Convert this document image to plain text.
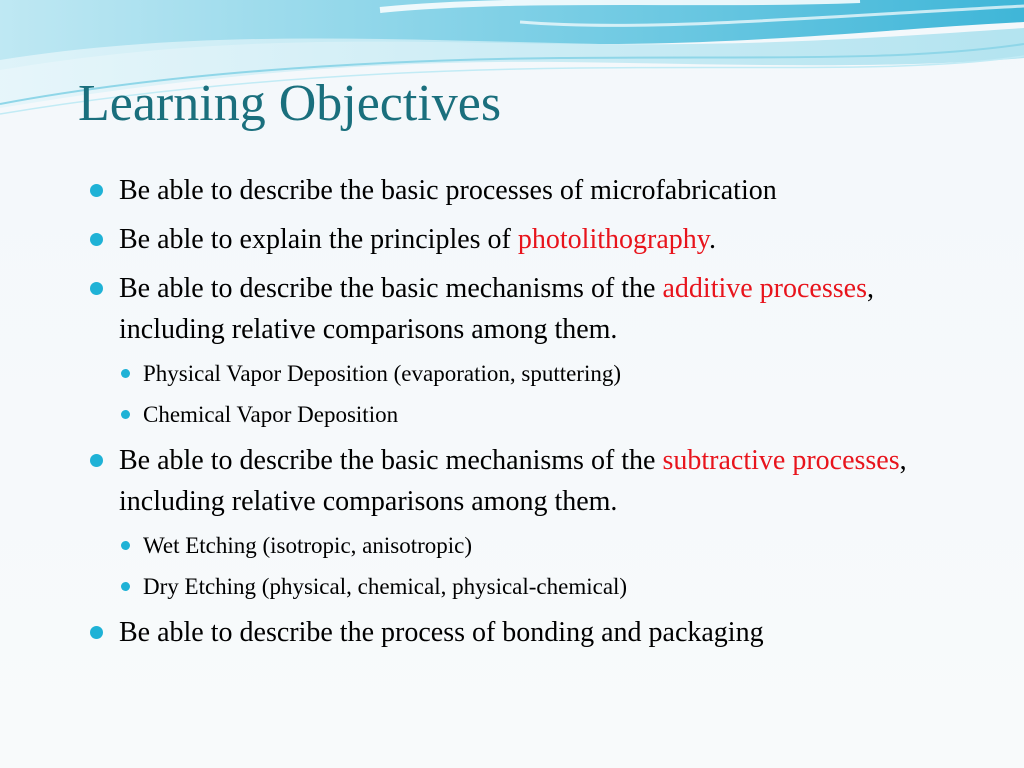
Learning Objectives
Be able to describe the basic processes of microfabrication
Be able to explain the principles of photolithography.
Be able to describe the basic mechanisms of the additive processes, including relative comparisons among them.
Physical Vapor Deposition (evaporation, sputtering)
Chemical Vapor Deposition
Be able to describe the basic mechanisms of the subtractive processes, including relative comparisons among them.
Wet Etching (isotropic, anisotropic)
Dry Etching (physical, chemical, physical-chemical)
Be able to describe the process of bonding and packaging
